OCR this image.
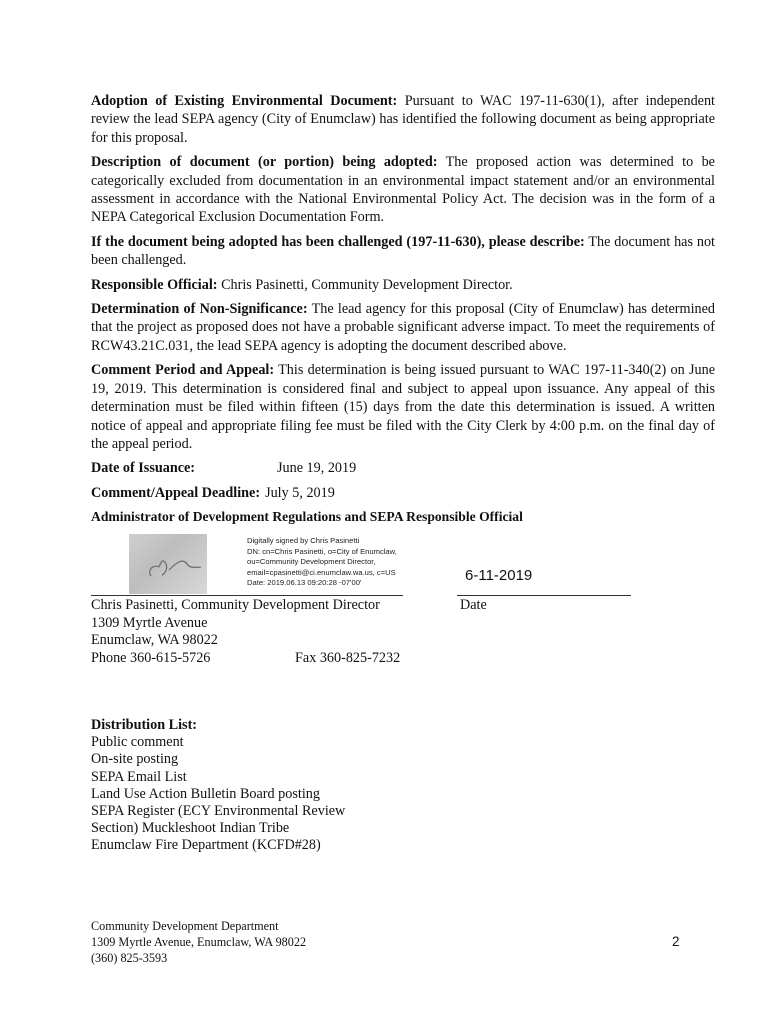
Adoption of Existing Environmental Document: Pursuant to WAC 197-11-630(1), after independent review the lead SEPA agency (City of Enumclaw) has identified the following document as being appropriate for this proposal.

Description of document (or portion) being adopted: The proposed action was determined to be categorically excluded from documentation in an environmental impact statement and/or an environmental assessment in accordance with the National Environmental Policy Act. The decision was in the form of a NEPA Categorical Exclusion Documentation Form.

If the document being adopted has been challenged (197-11-630), please describe: The document has not been challenged.

Responsible Official: Chris Pasinetti, Community Development Director.

Determination of Non-Significance: The lead agency for this proposal (City of Enumclaw) has determined that the project as proposed does not have a probable significant adverse impact. To meet the requirements of RCW43.21C.031, the lead SEPA agency is adopting the document described above.

Comment Period and Appeal: This determination is being issued pursuant to WAC 197-11-340(2) on June 19, 2019. This determination is considered final and subject to appeal upon issuance. Any appeal of this determination must be filed within fifteen (15) days from the date this determination is issued. A written notice of appeal and appropriate filing fee must be filed with the City Clerk by 4:00 p.m. on the final day of the appeal period.

Date of Issuance:	June 19, 2019
Comment/Appeal Deadline: July 5, 2019
Administrator of Development Regulations and SEPA Responsible Official
Digitally signed by Chris Pasinetti
DN: cn=Chris Pasinetti, o=City of Enumclaw,
ou=Community Development Director,
email=cpasinetti@ci.enumclaw.wa.us, c=US
Date: 2019.06.13 09:20:28 -07'00'	6-11-2019
Chris Pasinetti, Community Development Director	Date
1309 Myrtle Avenue
Enumclaw, WA 98022
Phone 360-615-5726	Fax 360-825-7232
Distribution List:
Public comment
On-site posting
SEPA Email List
Land Use Action Bulletin Board posting
SEPA Register (ECY Environmental Review
Section) Muckleshoot Indian Tribe
Enumclaw Fire Department (KCFD#28)
Community Development Department
1309 Myrtle Avenue, Enumclaw, WA 98022
(360) 825-3593
2
